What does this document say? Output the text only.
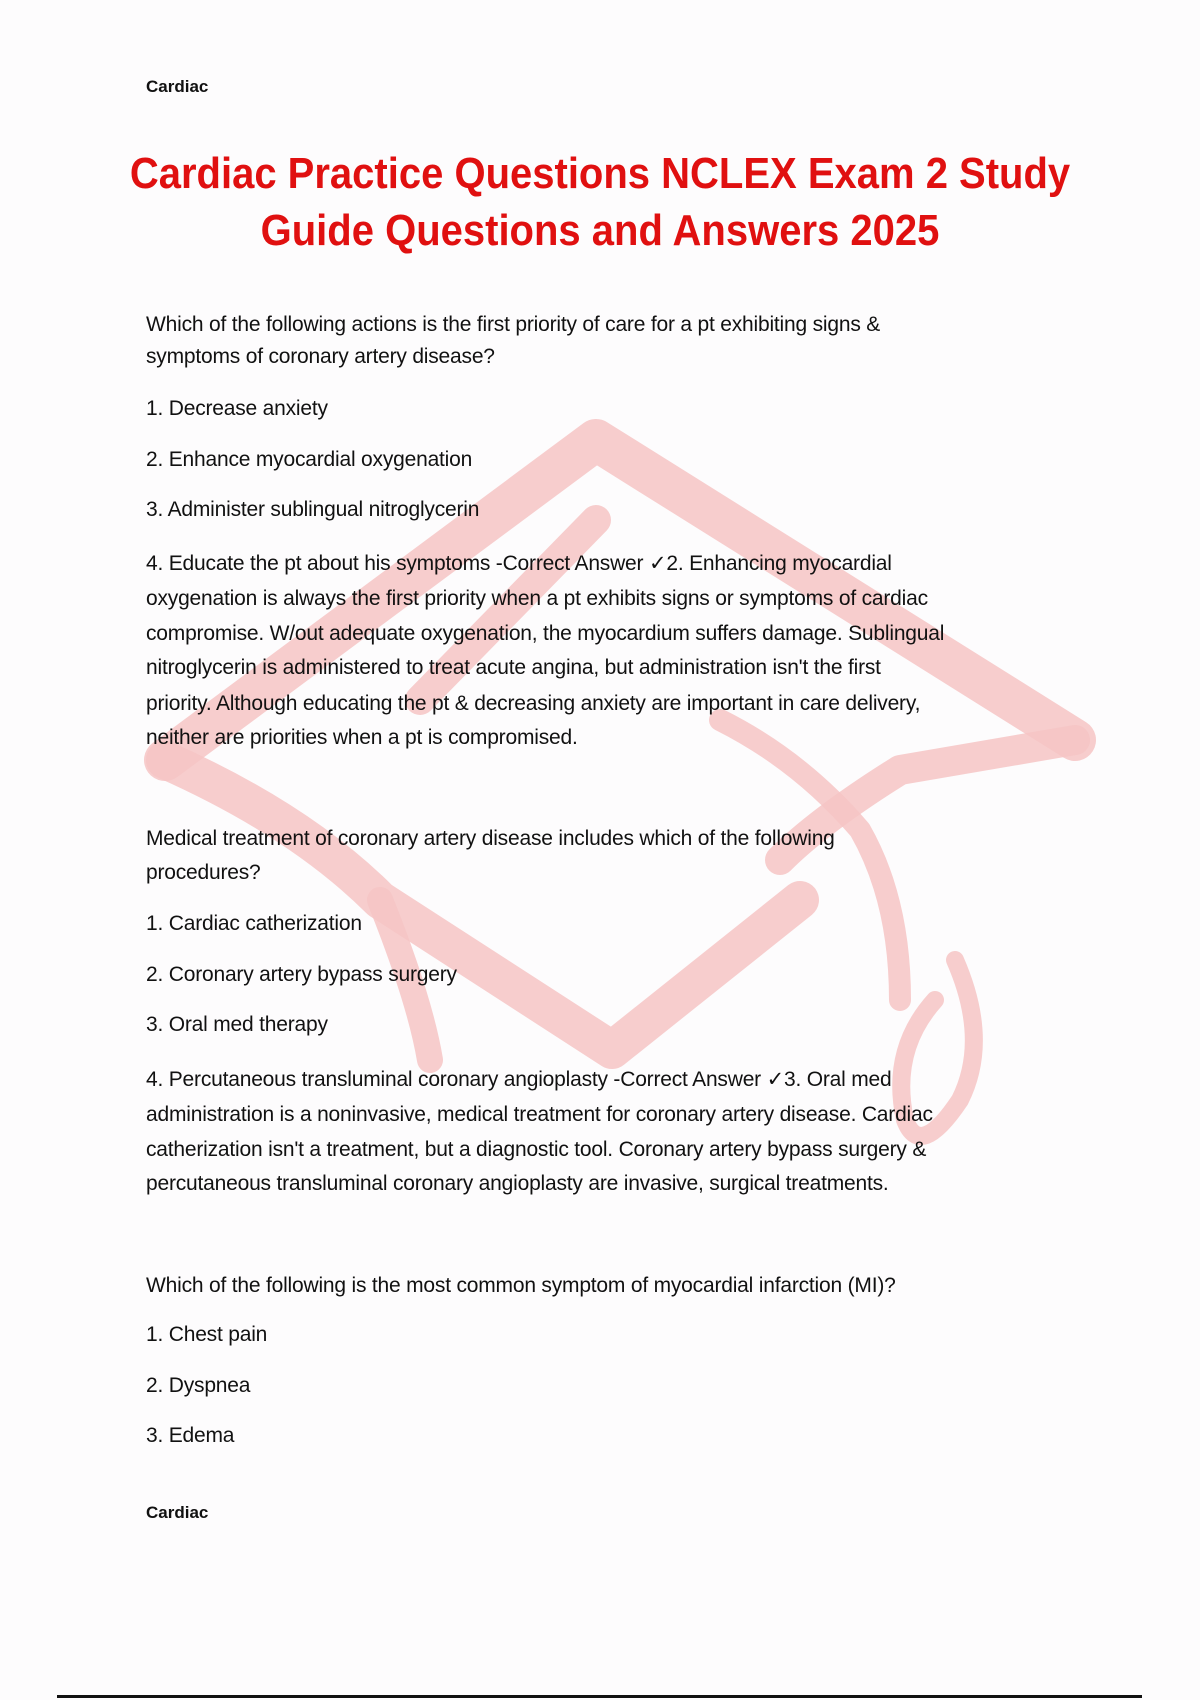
Cardiac
Cardiac Practice Questions NCLEX Exam 2 Study
Guide Questions and Answers 2025
Which of the following actions is the first priority of care for a pt exhibiting signs &
symptoms of coronary artery disease?
1. Decrease anxiety
2. Enhance myocardial oxygenation
3. Administer sublingual nitroglycerin
4. Educate the pt about his symptoms -Correct Answer ✓2. Enhancing myocardial
oxygenation is always the first priority when a pt exhibits signs or symptoms of cardiac
compromise. W/out adequate oxygenation, the myocardium suffers damage. Sublingual
nitroglycerin is administered to treat acute angina, but administration isn't the first
priority. Although educating the pt & decreasing anxiety are important in care delivery,
neither are priorities when a pt is compromised.
Medical treatment of coronary artery disease includes which of the following
procedures?
1. Cardiac catherization
2. Coronary artery bypass surgery
3. Oral med therapy
4. Percutaneous transluminal coronary angioplasty -Correct Answer ✓3. Oral med
administration is a noninvasive, medical treatment for coronary artery disease. Cardiac
catherization isn't a treatment, but a diagnostic tool. Coronary artery bypass surgery &
percutaneous transluminal coronary angioplasty are invasive, surgical treatments.
Which of the following is the most common symptom of myocardial infarction (MI)?
1. Chest pain
2. Dyspnea
3. Edema
Cardiac
